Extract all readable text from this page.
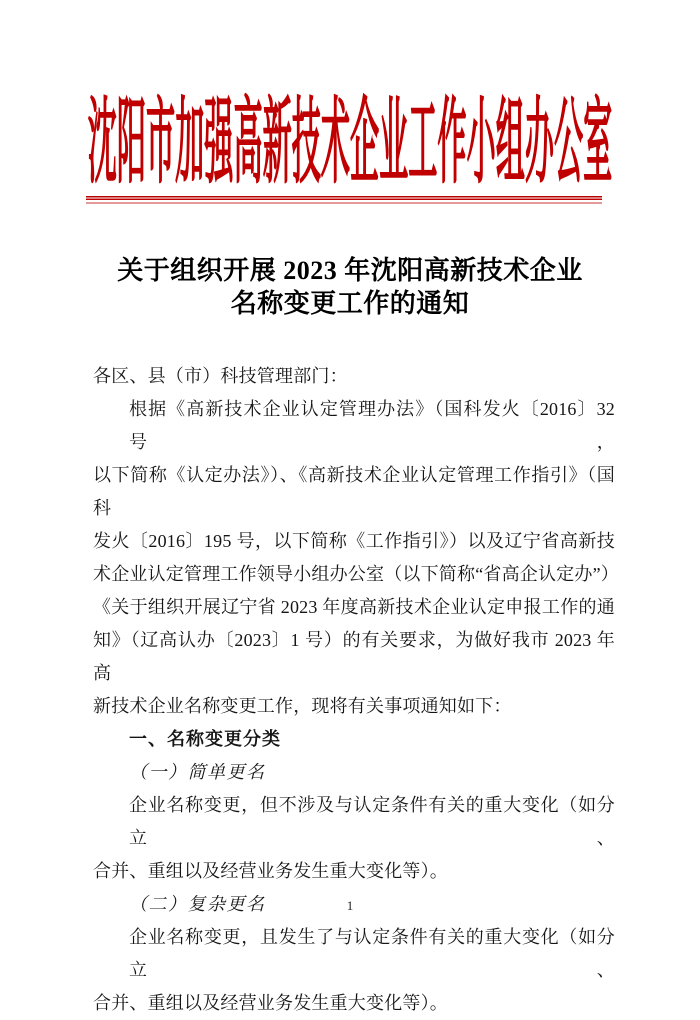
沈阳市加强高新技术企业工作小组办公室
关于组织开展 2023 年沈阳高新技术企业
名称变更工作的通知
各区、县（市）科技管理部门：
根据《高新技术企业认定管理办法》（国科发火〔2016〕32 号，
以下简称《认定办法》）、《高新技术企业认定管理工作指引》（国科
发火〔2016〕195 号，以下简称《工作指引》）以及辽宁省高新技
术企业认定管理工作领导小组办公室（以下简称“省高企认定办”）
《关于组织开展辽宁省 2023 年度高新技术企业认定申报工作的通
知》（辽高认办〔2023〕1 号）的有关要求，为做好我市 2023 年高
新技术企业名称变更工作，现将有关事项通知如下：
一、名称变更分类
（一）简单更名
企业名称变更，但不涉及与认定条件有关的重大变化（如分立、
合并、重组以及经营业务发生重大变化等）。
（二）复杂更名
企业名称变更，且发生了与认定条件有关的重大变化（如分立、
合并、重组以及经营业务发生重大变化等）。
1
